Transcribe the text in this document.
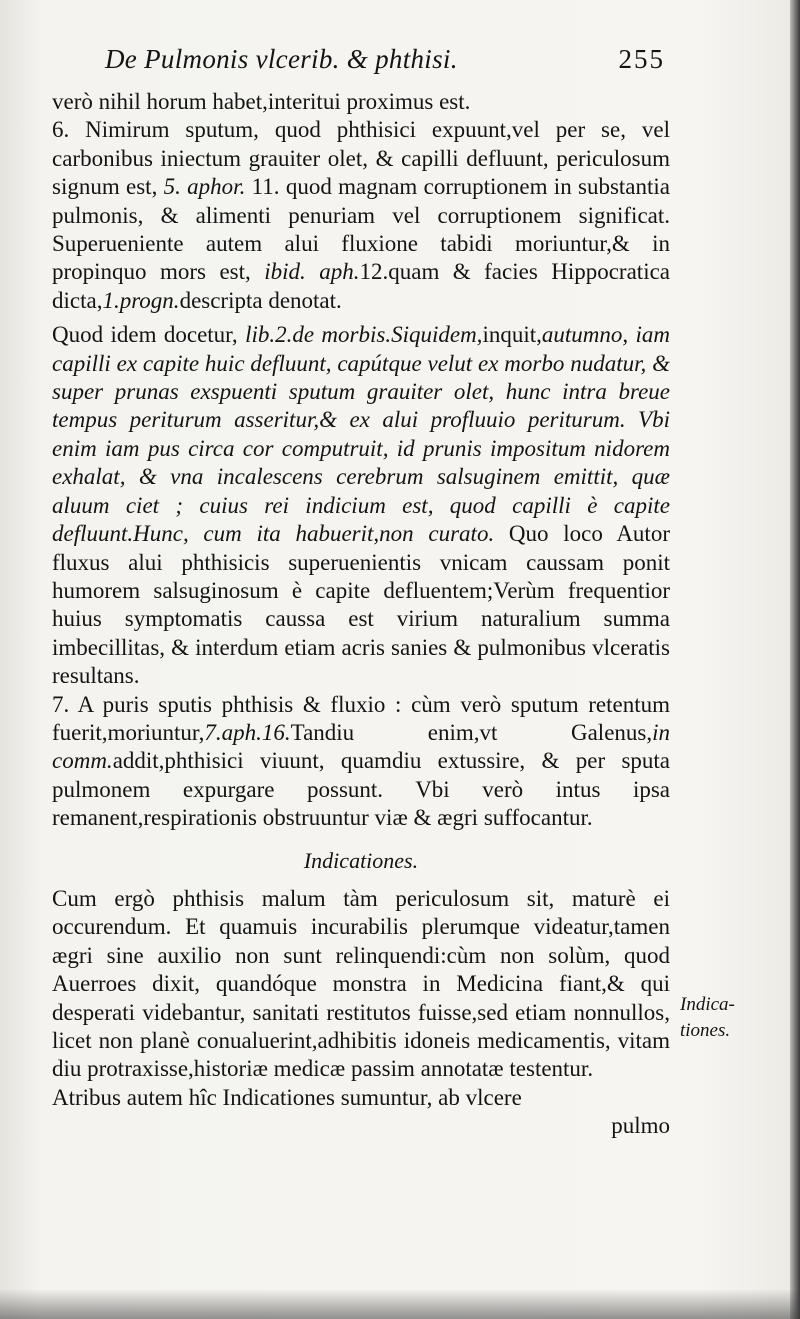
De Pulmonis vlcerib. & phthisi.	255

verò nihil horum habet,interitui proximus est.

6. Nimirum sputum, quod phthisici expuunt,vel per se, vel carbonibus iniectum grauiter olet, & capilli defluunt, periculosum signum est, 5. aphor. 11. quod magnam corruptionem in substantia pulmonis, & alimenti penuriam vel corruptionem significat. Superueniente autem alui fluxione tabidi moriuntur,& in propinquo mors est, ibid. aph.12.quam & facies Hippocratica dicta,1.progn.descripta denotat.

Quod idem docetur, lib.2.de morbis.Siquidem,inquit,autumno, iam capilli ex capite huic defluunt, capútque velut ex morbo nudatur, & super prunas exspuenti sputum grauiter olet, hunc intra breue tempus periturum asseritur,& ex alui profluuio periturum. Vbi enim iam pus circa cor computruit, id prunis impositum nidorem exhalat, & vna incalescens cerebrum salsuginem emittit, quæ aluum ciet ; cuius rei indicium est, quod capilli è capite defluunt.Hunc, cum ita habuerit,non curato. Quo loco Autor fluxus alui phthisicis superuenientis vnicam caussam ponit humorem salsuginosum è capite defluentem;Verùm frequentior huius symptomatis caussa est virium naturalium summa imbecillitas, & interdum etiam acris sanies & pulmonibus vlceratis resultans.

7. A puris sputis phthisis & fluxio : cùm verò sputum retentum fuerit,moriuntur,7.aph.16.Tandiu enim,vt Galenus,in comm.addit,phthisici viuunt, quamdiu extussire, & per sputa pulmonem expurgare possunt. Vbi verò intus ipsa remanent,respirationis obstruuntur viæ & ægri suffocantur.

Indicationes.

Cum ergò phthisis malum tàm periculosum sit, maturè ei occurendum. Et quamuis incurabilis plerumque videatur,tamen ægri sine auxilio non sunt relinquendi:cùm non solùm, quod Auerroes dixit, quandóque monstra in Medicina fiant,& qui desperati videbantur, sanitati restitutos fuisse,sed etiam nonnullos, licet non planè conualuerint,adhibitis idoneis medicamentis, vitam diu protraxisse,historiæ medicæ passim annotatæ testentur.

Atribus autem hîc Indicationes sumuntur, ab vlcere

pulmo

Indica-
tiones.
